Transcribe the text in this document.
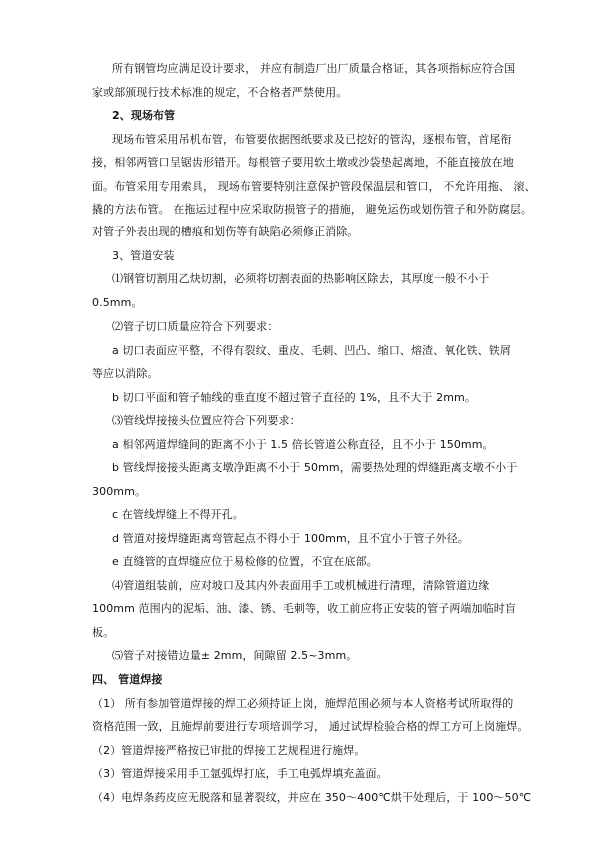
所有钢管均应满足设计要求， 并应有制造厂出厂质量合格证，其各项指标应符合国
家或部颁现行技术标准的规定，不合格者严禁使用。
2、现场布管
现场布管采用吊机布管，布管要依据图纸要求及已挖好的管沟，逐根布管，首尾衔
接，相邻两管口呈锯齿形错开。每根管子要用软土墩或沙袋垫起离地，不能直接放在地
面。布管采用专用索具， 现场布管要特别注意保护管段保温层和管口， 不允许用拖、 滚、
撬的方法布管。 在拖运过程中应采取防损管子的措施， 避免运伤或划伤管子和外防腐层。
对管子外表出现的槽痕和划伤等有缺陷必须修正消除。
3、管道安装
⑴钢管切割用乙炔切割，必须将切割表面的热影响区除去，其厚度一般不小于
0.5mm。
⑵管子切口质量应符合下列要求：
a 切口表面应平整，不得有裂纹、重皮、毛刺、凹凸、缩口、熔渣、氧化铁、铁屑
等应以消除。
b 切口平面和管子轴线的垂直度不超过管子直径的 1%，且不大于 2mm。
⑶管线焊接接头位置应符合下列要求：
a 相邻两道焊缝间的距离不小于 1.5 倍长管道公称直径，且不小于 150mm。
b 管线焊接接头距离支墩净距离不小于 50mm，需要热处理的焊缝距离支墩不小于
300mm。
c 在管线焊缝上不得开孔。
d 管道对接焊缝距离弯管起点不得小于 100mm，且不宜小于管子外径。
e 直缝管的直焊缝应位于易检修的位置，不宜在底部。
⑷管道组装前，应对坡口及其内外表面用手工或机械进行清理，清除管道边缘
100mm 范围内的泥垢、油、漆、锈、毛刺等，收工前应将正安装的管子两端加临时盲
板。
⑸管子对接错边量± 2mm，间隙留 2.5~3mm。
四、 管道焊接
（1） 所有参加管道焊接的焊工必须持证上岗，施焊范围必须与本人资格考试所取得的
资格范围一致，且施焊前要进行专项培训学习， 通过试焊检验合格的焊工方可上岗施焊。
（2）管道焊接严格按已审批的焊接工艺规程进行施焊。
（3）管道焊接采用手工氩弧焊打底，手工电弧焊填充盖面。
（4）电焊条药皮应无脱落和显著裂纹，并应在 350～400℃烘干处理后，于 100～50℃
